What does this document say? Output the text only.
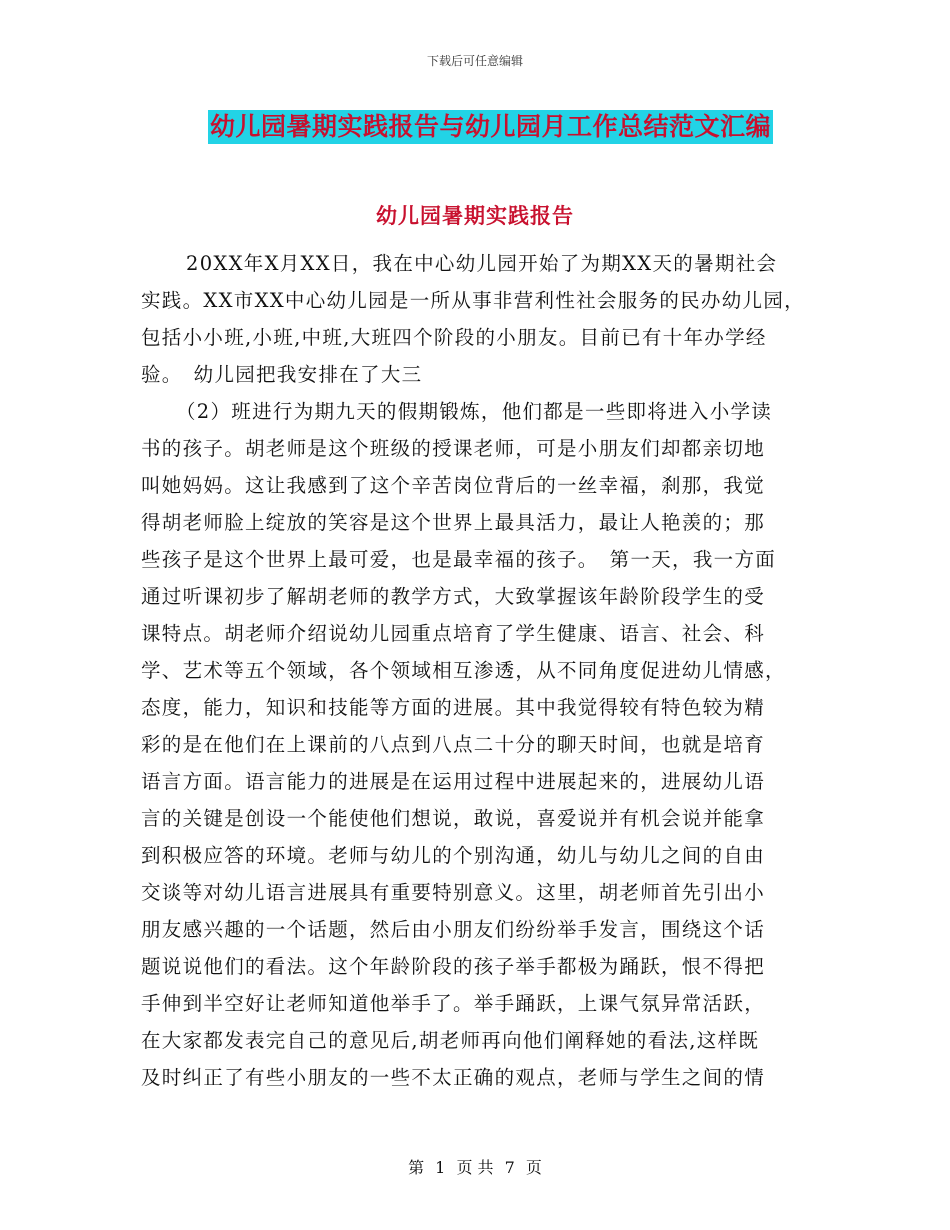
下载后可任意编辑
幼儿园暑期实践报告与幼儿园月工作总结范文汇编
幼儿园暑期实践报告
20XX年X月XX日，我在中心幼儿园开始了为期XX天的暑期社会
实践。XX市XX中心幼儿园是一所从事非营利性社会服务的民办幼儿园，
包括小小班,小班,中班,大班四个阶段的小朋友。目前已有十年办学经
验。　幼儿园把我安排在了大三
（2）班进行为期九天的假期锻炼，他们都是一些即将进入小学读
书的孩子。胡老师是这个班级的授课老师，可是小朋友们却都亲切地
叫她妈妈。这让我感到了这个辛苦岗位背后的一丝幸福，刹那，我觉
得胡老师脸上绽放的笑容是这个世界上最具活力，最让人艳羡的；那
些孩子是这个世界上最可爱，也是最幸福的孩子。　第一天，我一方面
通过听课初步了解胡老师的教学方式，大致掌握该年龄阶段学生的受
课特点。胡老师介绍说幼儿园重点培育了学生健康、语言、社会、科
学、艺术等五个领域，各个领域相互渗透，从不同角度促进幼儿情感，
态度，能力，知识和技能等方面的进展。其中我觉得较有特色较为精
彩的是在他们在上课前的八点到八点二十分的聊天时间，也就是培育
语言方面。语言能力的进展是在运用过程中进展起来的，进展幼儿语
言的关键是创设一个能使他们想说，敢说，喜爱说并有机会说并能拿
到积极应答的环境。老师与幼儿的个别沟通，幼儿与幼儿之间的自由
交谈等对幼儿语言进展具有重要特别意义。这里，胡老师首先引出小
朋友感兴趣的一个话题，然后由小朋友们纷纷举手发言，围绕这个话
题说说他们的看法。这个年龄阶段的孩子举手都极为踊跃，恨不得把
手伸到半空好让老师知道他举手了。举手踊跃，上课气氛异常活跃，
在大家都发表完自己的意见后,胡老师再向他们阐释她的看法,这样既
及时纠正了有些小朋友的一些不太正确的观点，老师与学生之间的情
第 1 页 共 7 页
